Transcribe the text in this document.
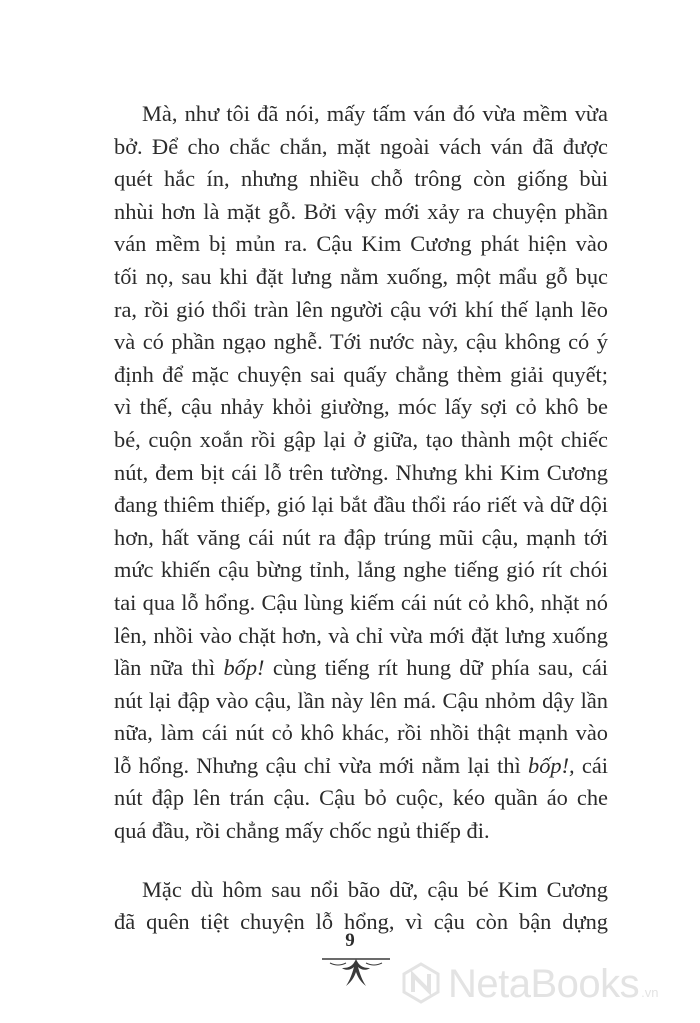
Mà, như tôi đã nói, mấy tấm ván đó vừa mềm vừa
bở. Để cho chắc chắn, mặt ngoài vách ván đã được
quét hắc ín, nhưng nhiều chỗ trông còn giống bùi
nhùi hơn là mặt gỗ. Bởi vậy mới xảy ra chuyện phần
ván mềm bị mủn ra. Cậu Kim Cương phát hiện vào
tối nọ, sau khi đặt lưng nằm xuống, một mẩu gỗ bục
ra, rồi gió thổi tràn lên người cậu với khí thế lạnh lẽo
và có phần ngạo nghễ. Tới nước này, cậu không có ý
định để mặc chuyện sai quấy chẳng thèm giải quyết;
vì thế, cậu nhảy khỏi giường, móc lấy sợi cỏ khô be
bé, cuộn xoắn rồi gập lại ở giữa, tạo thành một chiếc
nút, đem bịt cái lỗ trên tường. Nhưng khi Kim Cương
đang thiêm thiếp, gió lại bắt đầu thổi ráo riết và dữ dội
hơn, hất văng cái nút ra đập trúng mũi cậu, mạnh tới
mức khiến cậu bừng tỉnh, lắng nghe tiếng gió rít chói
tai qua lỗ hổng. Cậu lùng kiếm cái nút cỏ khô, nhặt nó
lên, nhồi vào chặt hơn, và chỉ vừa mới đặt lưng xuống
lần nữa thì bốp! cùng tiếng rít hung dữ phía sau, cái
nút lại đập vào cậu, lần này lên má. Cậu nhỏm dậy lần
nữa, làm cái nút cỏ khô khác, rồi nhồi thật mạnh vào
lỗ hổng. Nhưng cậu chỉ vừa mới nằm lại thì bốp!, cái
nút đập lên trán cậu. Cậu bỏ cuộc, kéo quần áo che
quá đầu, rồi chẳng mấy chốc ngủ thiếp đi.
Mặc dù hôm sau nổi bão dữ, cậu bé Kim Cương
đã quên tiệt chuyện lỗ hổng, vì cậu còn bận dựng
9
NetaBooks .vn
